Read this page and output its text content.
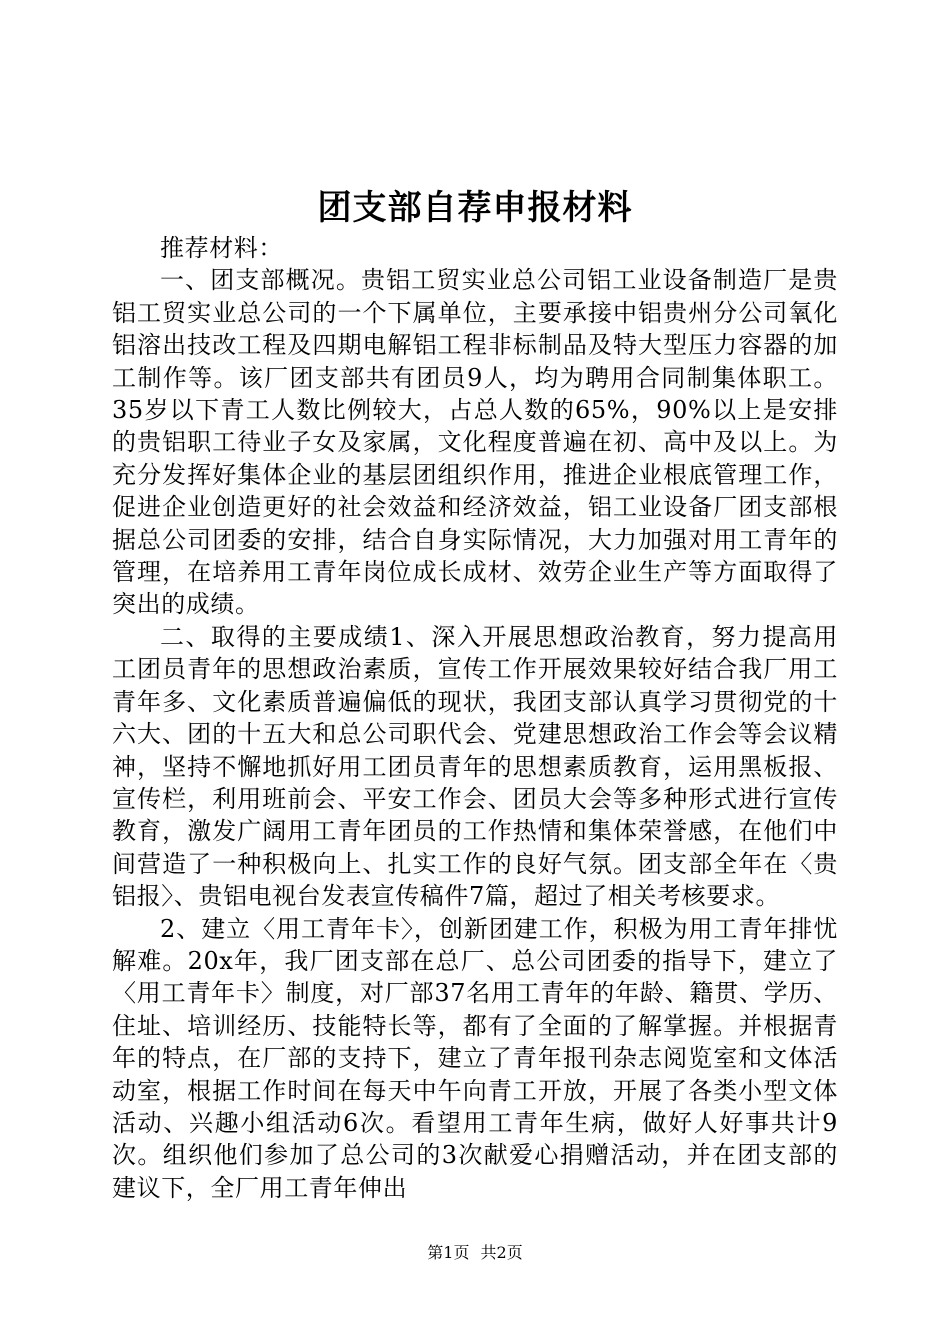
团支部自荐申报材料

推荐材料：

一、团支部概况。贵铝工贸实业总公司铝工业设备制造厂是贵铝工贸实业总公司的一个下属单位，主要承接中铝贵州分公司氧化铝溶出技改工程及四期电解铝工程非标制品及特大型压力容器的加工制作等。该厂团支部共有团员9人，均为聘用合同制集体职工。35岁以下青工人数比例较大，占总人数的65%，90%以上是安排的贵铝职工待业子女及家属，文化程度普遍在初、高中及以上。为充分发挥好集体企业的基层团组织作用，推进企业根底管理工作，促进企业创造更好的社会效益和经济效益，铝工业设备厂团支部根据总公司团委的安排，结合自身实际情况，大力加强对用工青年的管理，在培养用工青年岗位成长成材、效劳企业生产等方面取得了突出的成绩。

二、取得的主要成绩1、深入开展思想政治教育，努力提高用工团员青年的思想政治素质，宣传工作开展效果较好结合我厂用工青年多、文化素质普遍偏低的现状，我团支部认真学习贯彻党的十六大、团的十五大和总公司职代会、党建思想政治工作会等会议精神，坚持不懈地抓好用工团员青年的思想素质教育，运用黑板报、宣传栏，利用班前会、平安工作会、团员大会等多种形式进行宣传教育，激发广阔用工青年团员的工作热情和集体荣誉感，在他们中间营造了一种积极向上、扎实工作的良好气氛。团支部全年在〈贵铝报〉、贵铝电视台发表宣传稿件7篇，超过了相关考核要求。

2、建立〈用工青年卡〉，创新团建工作，积极为用工青年排忧解难。20x年，我厂团支部在总厂、总公司团委的指导下，建立了〈用工青年卡〉制度，对厂部37名用工青年的年龄、籍贯、学历、住址、培训经历、技能特长等，都有了全面的了解掌握。并根据青年的特点，在厂部的支持下，建立了青年报刊杂志阅览室和文体活动室，根据工作时间在每天中午向青工开放，开展了各类小型文体活动、兴趣小组活动6次。看望用工青年生病，做好人好事共计9次。组织他们参加了总公司的3次献爱心捐赠活动，并在团支部的建议下，全厂用工青年伸出

第1页 共2页
